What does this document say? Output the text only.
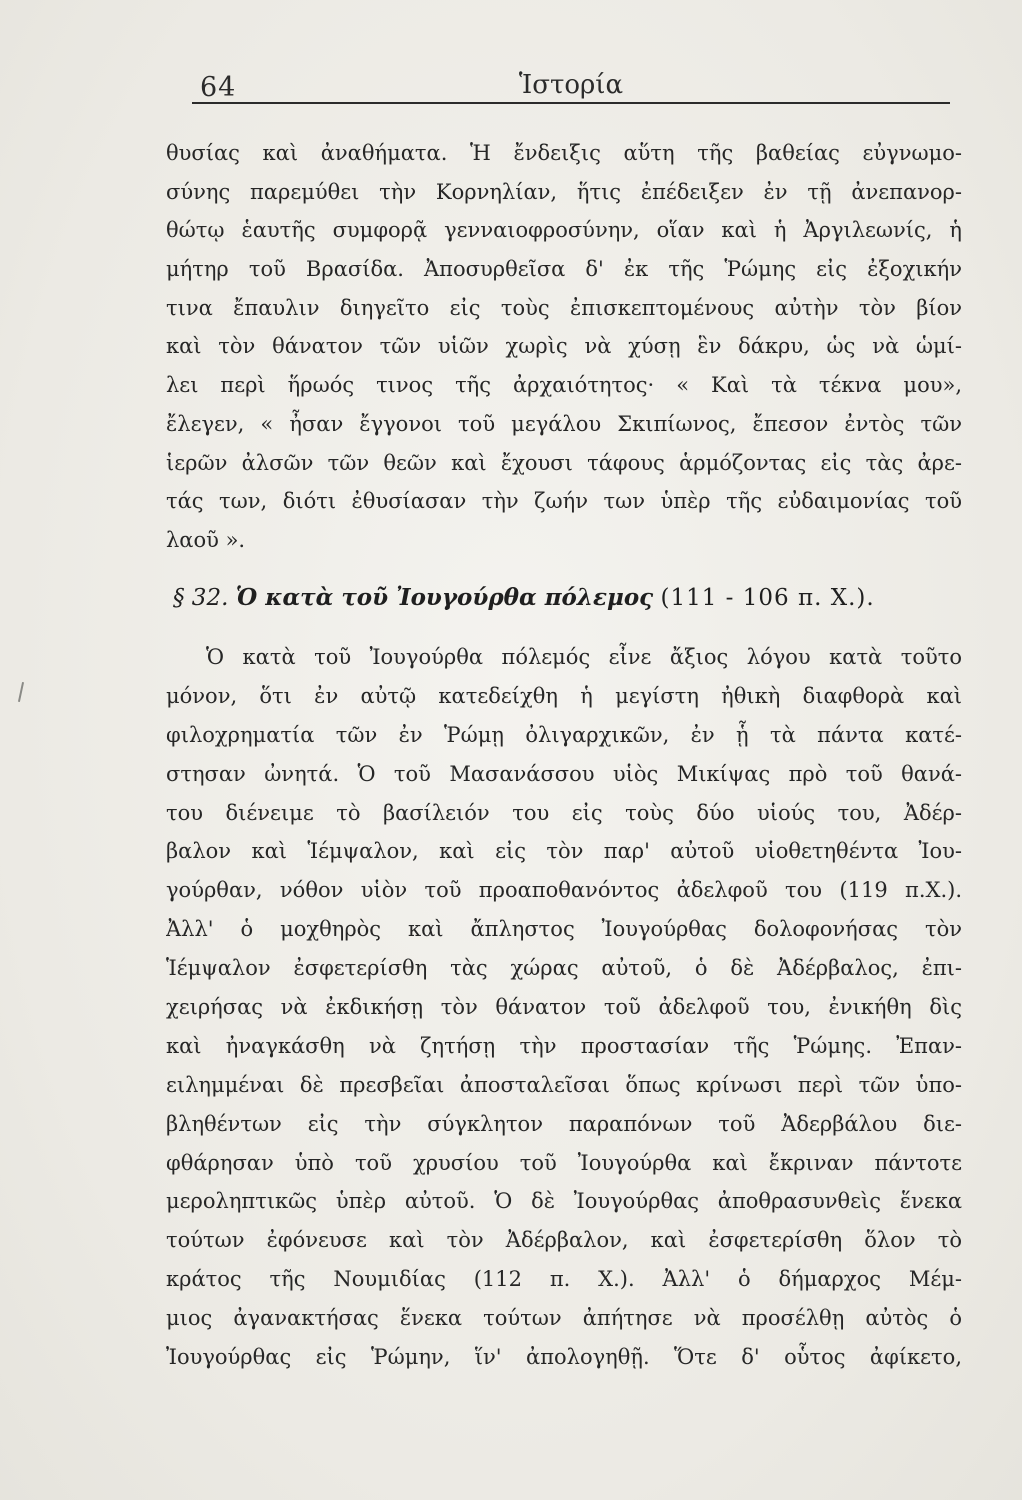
64	Ἱστορία
θυσίας καὶ ἀναθήματα. Ἡ ἔνδειξις αὕτη τῆς βαθείας εὐγνωμο-
σύνης παρεμύθει τὴν Κορνηλίαν, ἥτις ἐπέδειξεν ἐν τῇ ἀνεπανορ-
θώτῳ ἑαυτῆς συμφορᾷ γενναιοφροσύνην, οἵαν καὶ ἡ Ἀργιλεωνίς, ἡ
μήτηρ τοῦ Βρασίδα. Ἀποσυρθεῖσα δ' ἐκ τῆς Ῥώμης εἰς ἐξοχικήν
τινα ἔπαυλιν διηγεῖτο εἰς τοὺς ἐπισκεπτομένους αὐτὴν τὸν βίον
καὶ τὸν θάνατον τῶν υἱῶν χωρὶς νὰ χύσῃ ἓν δάκρυ, ὡς νὰ ὡμί-
λει περὶ ἥρωός τινος τῆς ἀρχαιότητος· « Καὶ τὰ τέκνα μου»,
ἔλεγεν, « ἦσαν ἔγγονοι τοῦ μεγάλου Σκιπίωνος, ἔπεσον ἐντὸς τῶν
ἱερῶν ἀλσῶν τῶν θεῶν καὶ ἔχουσι τάφους ἁρμόζοντας εἰς τὰς ἀρε-
τάς των, διότι ἐθυσίασαν τὴν ζωήν των ὑπὲρ τῆς εὐδαιμονίας τοῦ
λαοῦ ».
§ 32. Ὁ κατὰ τοῦ Ἰουγούρθα πόλεμος (111 - 106 π. Χ.).
Ὁ κατὰ τοῦ Ἰουγούρθα πόλεμός εἶνε ἄξιος λόγου κατὰ τοῦτο
μόνον, ὅτι ἐν αὐτῷ κατεδείχθη ἡ μεγίστη ἠθικὴ διαφθορὰ καὶ
φιλοχρηματία τῶν ἐν Ῥώμῃ ὀλιγαρχικῶν, ἐν ᾗ τὰ πάντα κατέ-
στησαν ὠνητά. Ὁ τοῦ Μασανάσσου υἱὸς Μικίψας πρὸ τοῦ θανά-
του διένειμε τὸ βασίλειόν του εἰς τοὺς δύο υἱούς του, Ἀδέρ-
βαλον καὶ Ἱέμψαλον, καὶ εἰς τὸν παρ' αὐτοῦ υἱοθετηθέντα Ἰου-
γούρθαν, νόθον υἱὸν τοῦ προαποθανόντος ἀδελφοῦ του (119 π.Χ.).
Ἀλλ' ὁ μοχθηρὸς καὶ ἄπληστος Ἰουγούρθας δολοφονήσας τὸν
Ἱέμψαλον ἐσφετερίσθη τὰς χώρας αὐτοῦ, ὁ δὲ Ἀδέρβαλος, ἐπι-
χειρήσας νὰ ἐκδικήσῃ τὸν θάνατον τοῦ ἀδελφοῦ του, ἐνικήθη δὶς
καὶ ἠναγκάσθη νὰ ζητήσῃ τὴν προστασίαν τῆς Ῥώμης. Ἐπαν-
ειλημμέναι δὲ πρεσβεῖαι ἀποσταλεῖσαι ὅπως κρίνωσι περὶ τῶν ὑπο-
βληθέντων εἰς τὴν σύγκλητον παραπόνων τοῦ Ἀδερβάλου διε-
φθάρησαν ὑπὸ τοῦ χρυσίου τοῦ Ἰουγούρθα καὶ ἔκριναν πάντοτε
μεροληπτικῶς ὑπὲρ αὐτοῦ. Ὁ δὲ Ἰουγούρθας ἀποθρασυνθεὶς ἕνεκα
τούτων ἐφόνευσε καὶ τὸν Ἀδέρβαλον, καὶ ἐσφετερίσθη ὅλον τὸ
κράτος τῆς Νουμιδίας (112 π. Χ.). Ἀλλ' ὁ δήμαρχος Μέμ-
μιος ἀγανακτήσας ἕνεκα τούτων ἀπήτησε νὰ προσέλθῃ αὐτὸς ὁ
Ἰουγούρθας εἰς Ῥώμην, ἵν' ἀπολογηθῇ. Ὅτε δ' οὗτος ἀφίκετο,
